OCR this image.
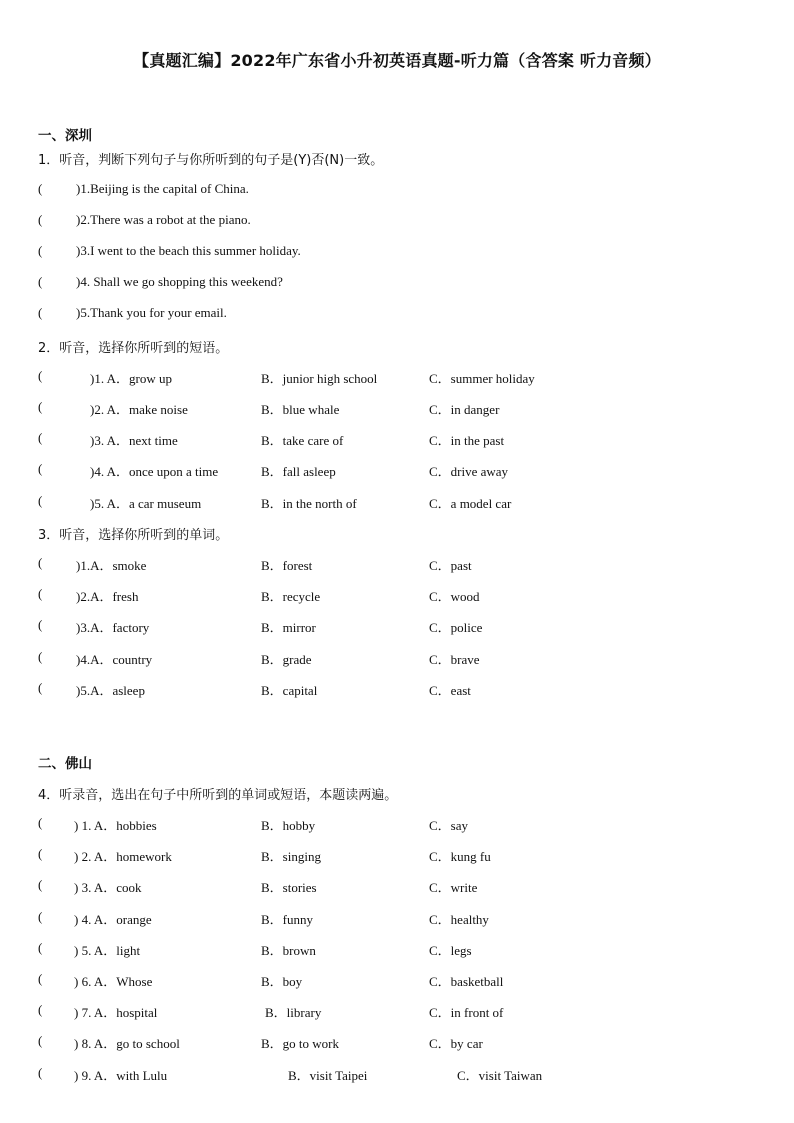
【真题汇编】2022年广东省小升初英语真题-听力篇（含答案 听力音频）
一、深圳
1．听音，判断下列句子与你所听到的句子是(Y)否(N)一致。
(	)1.Beijing is the capital of China.
(	)2.There was a robot at the piano.
(	)3.I went to the beach this summer holiday.
(	)4. Shall we go shopping this weekend?
(	)5.Thank you for your email.
2．听音，选择你所听到的短语。
(	)1. A．grow up	B．junior high school	C．summer holiday
(	)2. A．make noise	B．blue whale	C．in danger
(	)3. A．next time	B．take care of	C．in the past
(	)4. A．once upon a time	B．fall asleep	C．drive away
(	)5. A．a car museum	B．in the north of	C．a model car
3．听音，选择你所听到的单词。
(	)1.A．smoke	B．forest	C．past
(	)2.A．fresh	B．recycle	C．wood
(	)3.A．factory	B．mirror	C．police
(	)4.A．country	B．grade	C．brave
(	)5.A．asleep	B．capital	C．east
二、佛山
4．听录音，选出在句子中所听到的单词或短语，本题读两遍。
( ) 1. A．hobbies	B．hobby	C．say
( ) 2. A．homework	B．singing	C．kung fu
( ) 3. A．cook	B．stories	C．write
( ) 4. A．orange	B．funny	C．healthy
( ) 5. A．light	B．brown	C．legs
( ) 6. A．Whose	B．boy	C．basketball
( ) 7. A．hospital	B．library	C．in front of
( ) 8. A．go to school	B．go to work	C．by car
( ) 9. A．with Lulu	B．visit Taipei	C．visit Taiwan
